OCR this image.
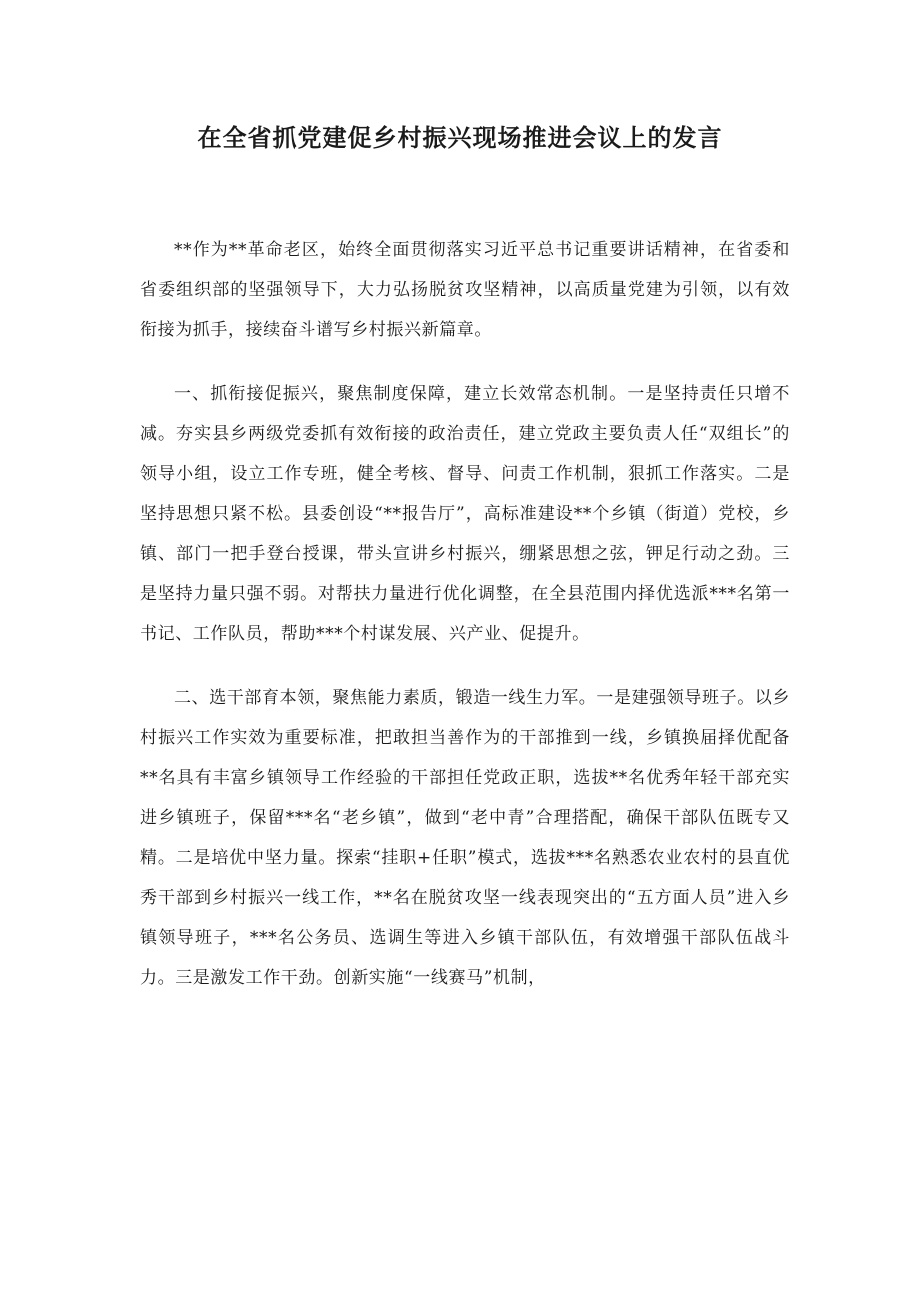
在全省抓党建促乡村振兴现场推进会议上的发言

**作为**革命老区，始终全面贯彻落实习近平总书记重要讲话精神，在省委和省委组织部的坚强领导下，大力弘扬脱贫攻坚精神，以高质量党建为引领，以有效衔接为抓手，接续奋斗谱写乡村振兴新篇章。

一、抓衔接促振兴，聚焦制度保障，建立长效常态机制。一是坚持责任只增不减。夯实县乡两级党委抓有效衔接的政治责任，建立党政主要负责人任“双组长”的领导小组，设立工作专班，健全考核、督导、问责工作机制，狠抓工作落实。二是坚持思想只紧不松。县委创设“**报告厅”，高标准建设**个乡镇（街道）党校，乡镇、部门一把手登台授课，带头宣讲乡村振兴，绷紧思想之弦，钾足行动之劲。三是坚持力量只强不弱。对帮扶力量进行优化调整，在全县范围内择优选派***名第一书记、工作队员，帮助***个村谋发展、兴产业、促提升。

二、选干部育本领，聚焦能力素质，锻造一线生力军。一是建强领导班子。以乡村振兴工作实效为重要标准，把敢担当善作为的干部推到一线，乡镇换届择优配备**名具有丰富乡镇领导工作经验的干部担任党政正职，选拔**名优秀年轻干部充实进乡镇班子，保留***名“老乡镇”，做到“老中青”合理搭配，确保干部队伍既专又精。二是培优中坚力量。探索“挂职+任职”模式，选拔***名熟悉农业农村的县直优秀干部到乡村振兴一线工作，**名在脱贫攻坚一线表现突出的“五方面人员”进入乡镇领导班子，***名公务员、选调生等进入乡镇干部队伍，有效增强干部队伍战斗力。三是激发工作干劲。创新实施“一线赛马”机制，
